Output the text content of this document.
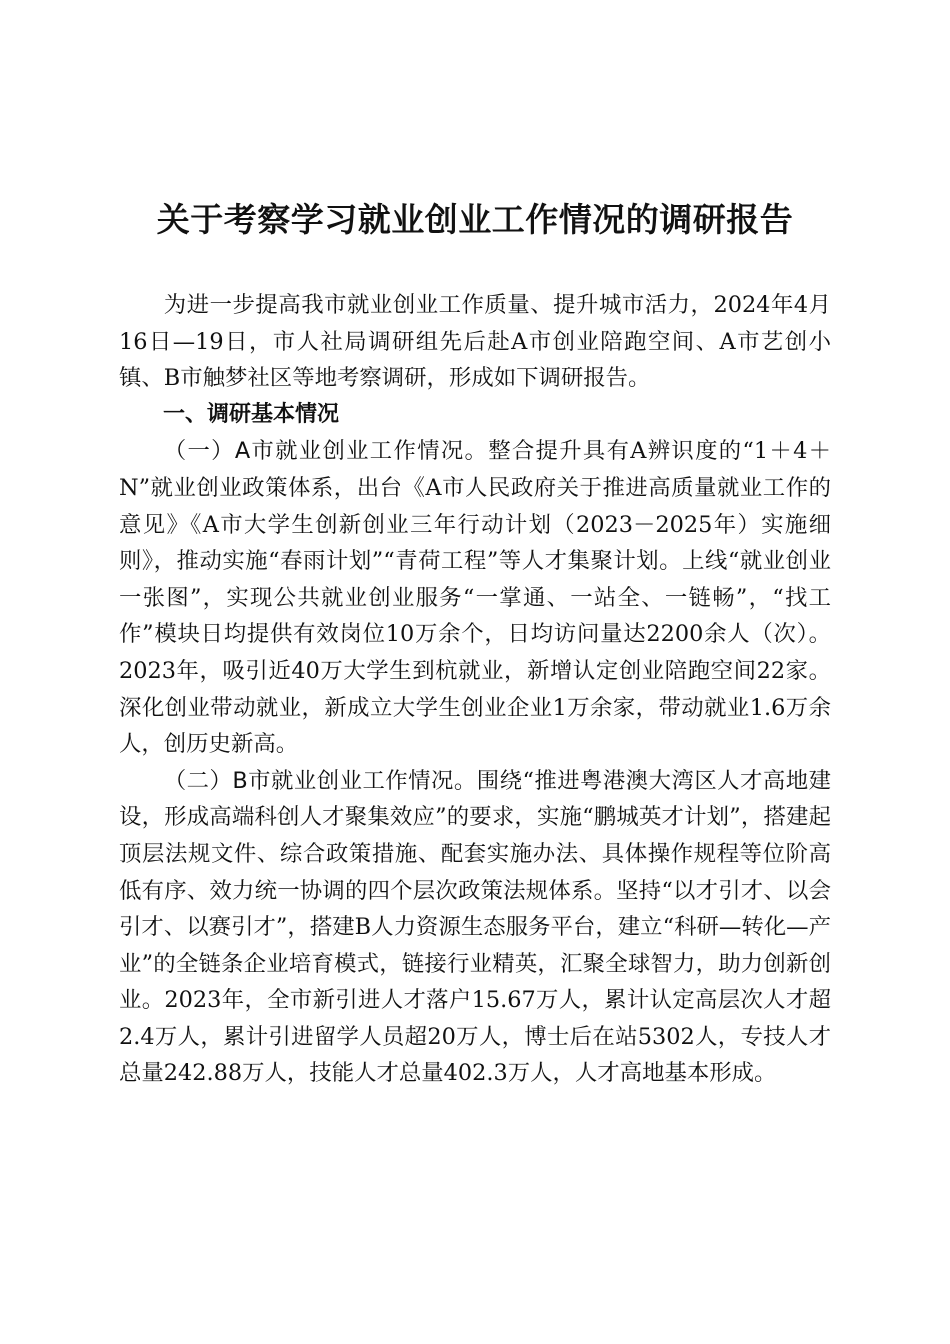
关于考察学习就业创业工作情况的调研报告

为进一步提高我市就业创业工作质量、提升城市活力，2024年4月16日—19日，市人社局调研组先后赴A市创业陪跑空间、A市艺创小镇、B市触梦社区等地考察调研，形成如下调研报告。

一、调研基本情况

（一）A市就业创业工作情况。整合提升具有A辨识度的“1＋4＋N”就业创业政策体系，出台《A市人民政府关于推进高质量就业工作的意见》《A市大学生创新创业三年行动计划（2023－2025年）实施细则》，推动实施“春雨计划”“青荷工程”等人才集聚计划。上线“就业创业一张图”，实现公共就业创业服务“一掌通、一站全、一链畅”，“找工作”模块日均提供有效岗位10万余个，日均访问量达2200余人（次）。2023年，吸引近40万大学生到杭就业，新增认定创业陪跑空间22家。深化创业带动就业，新成立大学生创业企业1万余家，带动就业1.6万余人，创历史新高。

（二）B市就业创业工作情况。围绕“推进粤港澳大湾区人才高地建设，形成高端科创人才聚集效应”的要求，实施“鹏城英才计划”，搭建起顶层法规文件、综合政策措施、配套实施办法、具体操作规程等位阶高低有序、效力统一协调的四个层次政策法规体系。坚持“以才引才、以会引才、以赛引才”，搭建B人力资源生态服务平台，建立“科研—转化—产业”的全链条企业培育模式，链接行业精英，汇聚全球智力，助力创新创业。2023年，全市新引进人才落户15.67万人，累计认定高层次人才超2.4万人，累计引进留学人员超20万人，博士后在站5302人，专技人才总量242.88万人，技能人才总量402.3万人，人才高地基本形成。
